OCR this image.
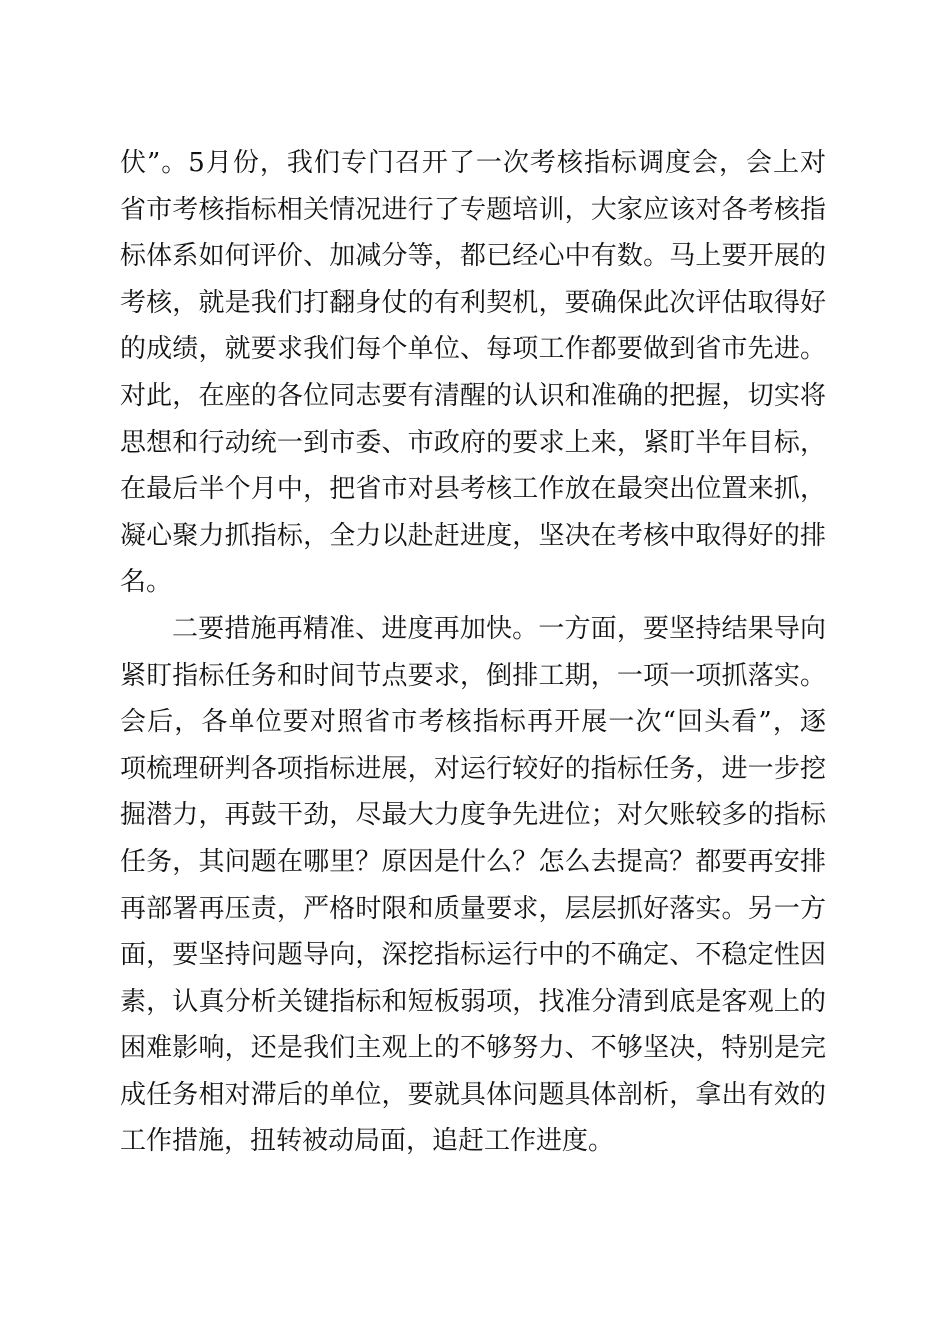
伏”。5月份，我们专门召开了一次考核指标调度会，会上对
省市考核指标相关情况进行了专题培训，大家应该对各考核指
标体系如何评价、加减分等，都已经心中有数。马上要开展的
考核，就是我们打翻身仗的有利契机，要确保此次评估取得好
的成绩，就要求我们每个单位、每项工作都要做到省市先进。
对此，在座的各位同志要有清醒的认识和准确的把握，切实将
思想和行动统一到市委、市政府的要求上来，紧盯半年目标，
在最后半个月中，把省市对县考核工作放在最突出位置来抓，
凝心聚力抓指标，全力以赴赶进度，坚决在考核中取得好的排
名。
二要措施再精准、进度再加快。一方面，要坚持结果导向
紧盯指标任务和时间节点要求，倒排工期，一项一项抓落实。
会后，各单位要对照省市考核指标再开展一次“回头看”，逐
项梳理研判各项指标进展，对运行较好的指标任务，进一步挖
掘潜力，再鼓干劲，尽最大力度争先进位；对欠账较多的指标
任务，其问题在哪里？原因是什么？怎么去提高？都要再安排
再部署再压责，严格时限和质量要求，层层抓好落实。另一方
面，要坚持问题导向，深挖指标运行中的不确定、不稳定性因
素，认真分析关键指标和短板弱项，找准分清到底是客观上的
困难影响，还是我们主观上的不够努力、不够坚决，特别是完
成任务相对滞后的单位，要就具体问题具体剖析，拿出有效的
工作措施，扭转被动局面，追赶工作进度。
